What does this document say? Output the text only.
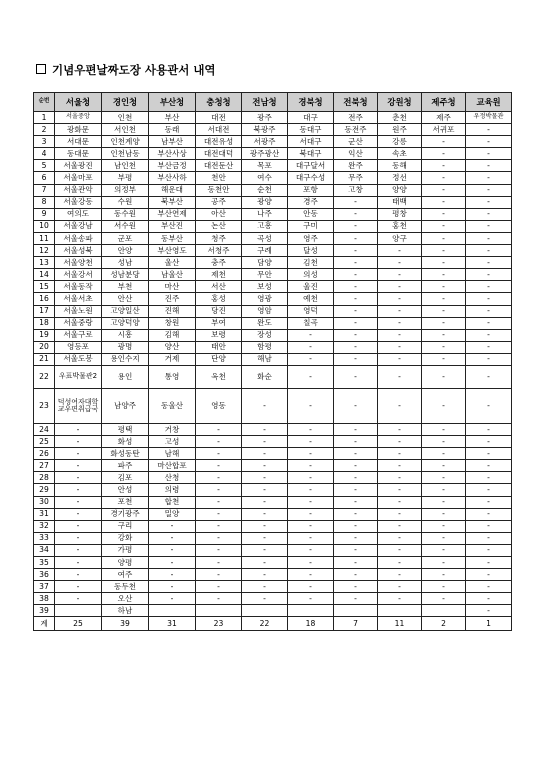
기념우편날짜도장 사용관서 내역
순번	서울청	경인청	부산청	충청청	전남청	경북청	전북청	강원청	제주청	교육원
1	서울중앙	인천	부산	대전	광주	대구	전주	춘천	제주	우정박물관
2	광화문	서인천	동래	서대전	북광주	동대구	동전주	원주	서귀포	-
3	서대문	인천계양	남부산	대전유성	서광주	서대구	군산	강릉	-	-
4	동대문	인천남동	부산사상	대전대덕	광주광산	북대구	익산	속초	-	-
5	서울광진	남인천	부산금정	대전둔산	목포	대구달서	완주	동해	-	-
6	서울마포	부평	부산사하	천안	여수	대구수성	무주	정선	-	-
7	서울관악	의정부	해운대	동천안	순천	포항	고창	양양	-	-
8	서울강동	수원	북부산	공주	광양	경주	-	태백	-	-
9	여의도	동수원	부산연제	아산	나주	안동	-	평창	-	-
10	서울강남	서수원	부산진	논산	고흥	구미	-	홍천	-	-
11	서울송파	군포	동부산	청주	곡성	영주	-	양구	-	-
12	서울성북	안양	부산영도	서청주	구례	달성	-	-	-	-
13	서울양천	성남	울산	충주	담양	김천	-	-	-	-
14	서울강서	성남분당	남울산	제천	무안	의성	-	-	-	-
15	서울동작	부천	마산	서산	보성	울진	-	-	-	-
16	서울서초	안산	진주	홍성	영광	예천	-	-	-	-
17	서울노원	고양일산	진해	당진	영암	영덕	-	-	-	-
18	서울중랑	고양덕양	창원	부여	완도	칠곡	-	-	-	-
19	서울구로	시흥	김해	보령	장성	-	-	-	-	-
20	영등포	광명	양산	태안	함평	-	-	-	-	-
21	서울도봉	용인수지	거제	단양	해남	-	-	-	-	-
22	우표박물관2	용인	통영	옥천	화순	-	-	-	-	-
23	덕성여자대학교우편취급국	남양주	동울산	영동	-	-	-	-	-	-
24	-	평택	거창	-	-	-	-	-	-	-
25	-	화성	고성	-	-	-	-	-	-	-
26	-	화성동탄	남해	-	-	-	-	-	-	-
27	-	파주	마산합포	-	-	-	-	-	-	-
28	-	김포	산청	-	-	-	-	-	-	-
29	-	안성	의령	-	-	-	-	-	-	-
30	-	포천	합천	-	-	-	-	-	-	-
31	-	경기광주	밀양	-	-	-	-	-	-	-
32	-	구리	-	-	-	-	-	-	-	-
33	-	강화	-	-	-	-	-	-	-	-
34	-	가평	-	-	-	-	-	-	-	-
35	-	양평	-	-	-	-	-	-	-	-
36	-	여주	-	-	-	-	-	-	-	-
37	-	동두천	-	-	-	-	-	-	-	-
38	-	오산	-	-	-	-	-	-	-	-
39		하남								-
계	25	39	31	23	22	18	7	11	2	1
